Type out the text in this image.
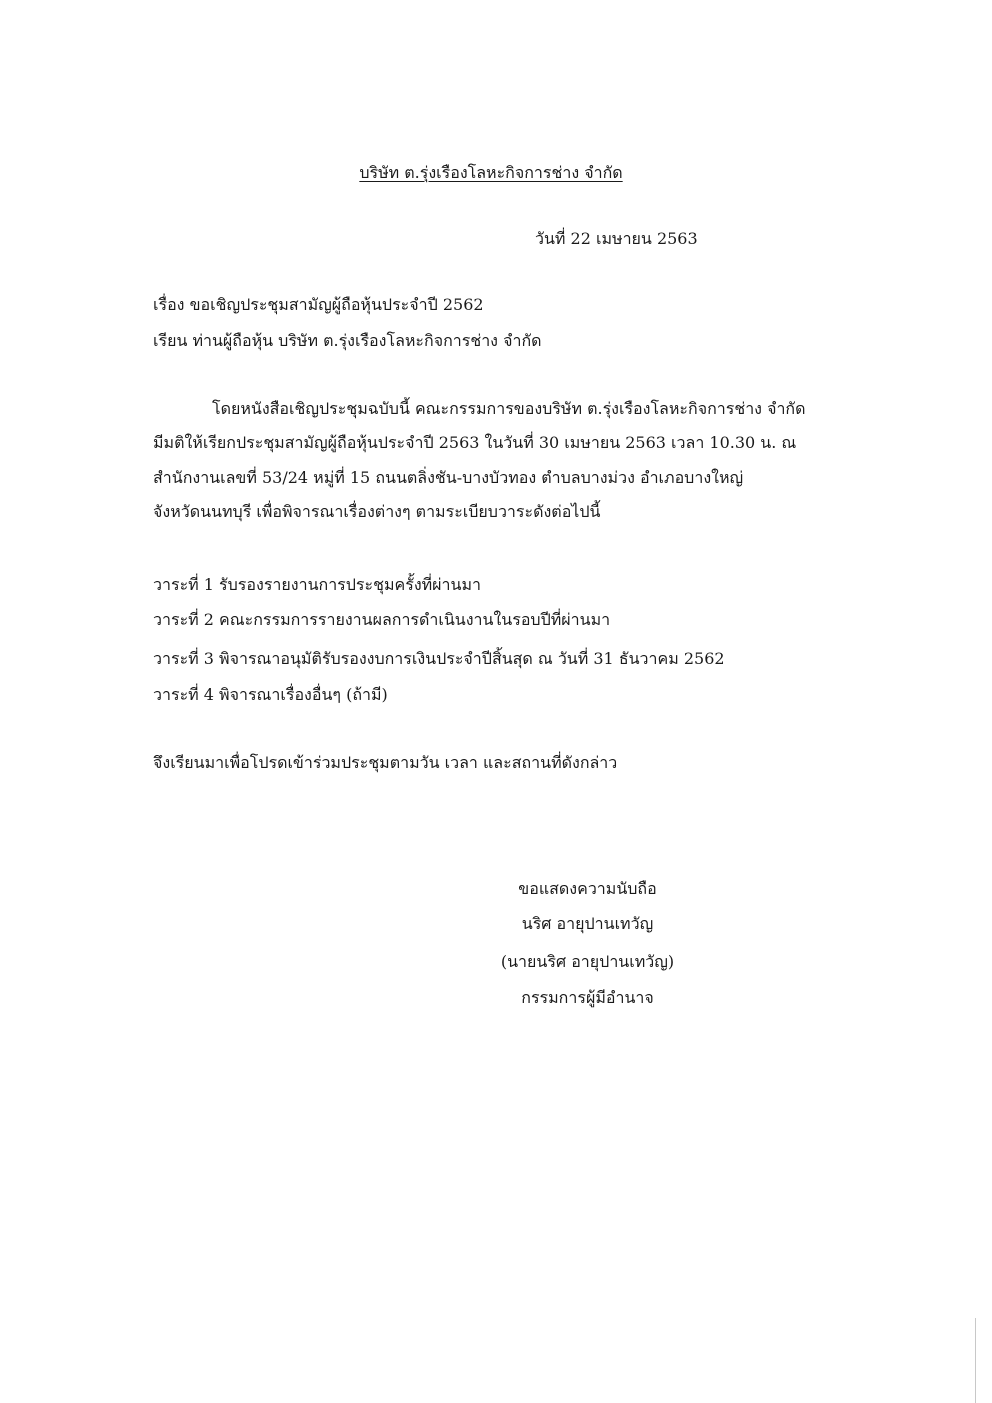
บริษัท ต.รุ่งเรืองโลหะกิจการช่าง จำกัด
วันที่ 22 เมษายน 2563
เรื่อง ขอเชิญประชุมสามัญผู้ถือหุ้นประจำปี 2562
เรียน ท่านผู้ถือหุ้น บริษัท ต.รุ่งเรืองโลหะกิจการช่าง จำกัด
โดยหนังสือเชิญประชุมฉบับนี้ คณะกรรมการของบริษัท ต.รุ่งเรืองโลหะกิจการช่าง จำกัด
มีมติให้เรียกประชุมสามัญผู้ถือหุ้นประจำปี 2563 ในวันที่ 30 เมษายน 2563 เวลา 10.30 น. ณ
สำนักงานเลขที่ 53/24 หมู่ที่ 15 ถนนตลิ่งชัน-บางบัวทอง ตำบลบางม่วง อำเภอบางใหญ่
จังหวัดนนทบุรี เพื่อพิจารณาเรื่องต่างๆ ตามระเบียบวาระดังต่อไปนี้
วาระที่ 1 รับรองรายงานการประชุมครั้งที่ผ่านมา
วาระที่ 2 คณะกรรมการรายงานผลการดำเนินงานในรอบปีที่ผ่านมา
วาระที่ 3 พิจารณาอนุมัติรับรองงบการเงินประจำปีสิ้นสุด ณ วันที่ 31 ธันวาคม 2562
วาระที่ 4 พิจารณาเรื่องอื่นๆ (ถ้ามี)
จึงเรียนมาเพื่อโปรดเข้าร่วมประชุมตามวัน เวลา และสถานที่ดังกล่าว
ขอแสดงความนับถือ
นริศ อายุปานเทวัญ
(นายนริศ อายุปานเทวัญ)
กรรมการผู้มีอำนาจ
